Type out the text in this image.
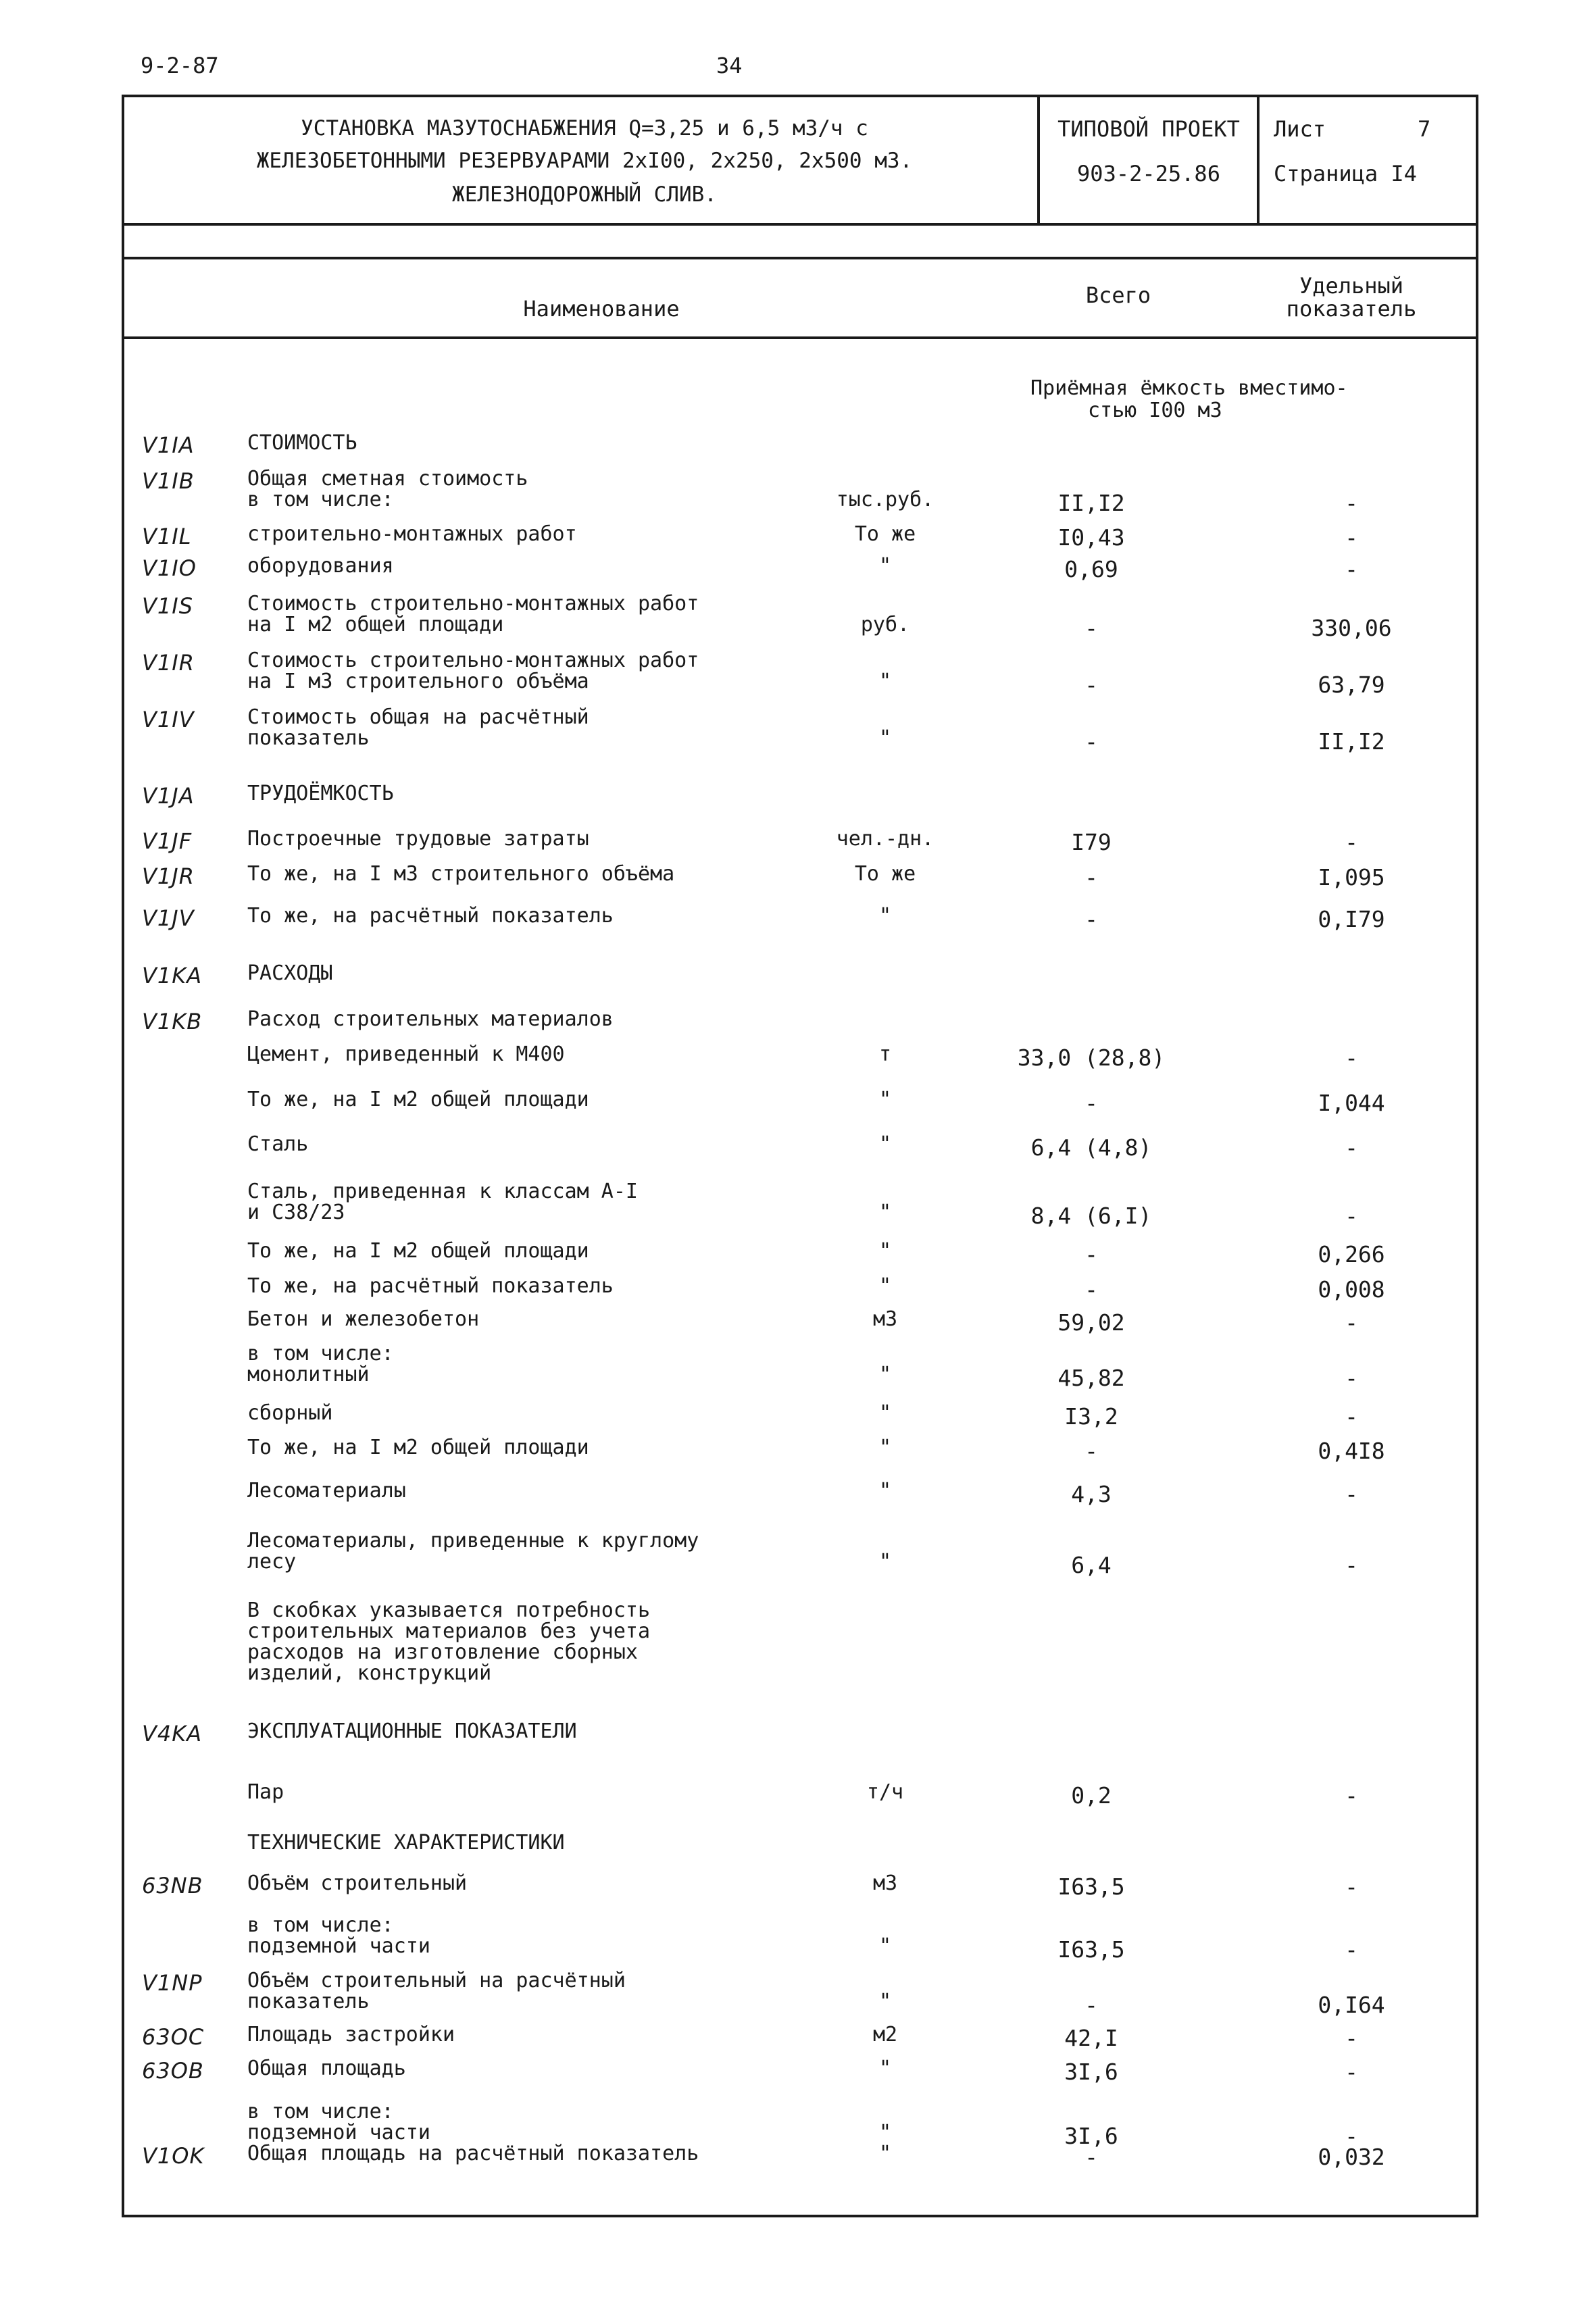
9-2-87	34
УСТАНОВКА МАЗУТОСНАБЖЕНИЯ Q=3,25 и 6,5 м3/ч с
ЖЕЛЕЗОБЕТОННЫМИ РЕЗЕРВУАРАМИ 2хI00, 2х250, 2х500 м3.
ЖЕЛЕЗНОДОРОЖНЫЙ СЛИВ.
ТИПОВОЙ ПРОЕКТ
903-2-25.86
Лист	7
Страница I4
Наименование
Всего	Удельный
показатель
Приёмная ёмкость вместимо-
стью I00 м3
V1IA	СТОИМОСТЬ
V1IB	Общая сметная стоимость
в том числе:	тыс.руб.	II,I2	-
V1IL	строительно-монтажных работ	То же	I0,43	-
V1IO	оборудования	"	0,69	-
V1IS	Стоимость строительно-монтажных работ
на I м2 общей площади	руб.	-	330,06
V1IR	Стоимость строительно-монтажных работ
на I м3 строительного объёма	"	-	63,79
V1IV	Стоимость общая на расчётный
показатель	"	-	II,I2
V1JA	ТРУДОЁМКОСТЬ
V1JF	Построечные трудовые затраты	чел.-дн.	I79	-
V1JR	То же, на I м3 строительного объёма	То же	-	I,095
V1JV	То же, на расчётный показатель	"	-	0,I79
V1KA РАСХОДЫ
V1KB Расход строительных материалов
Цемент, приведенный к М400	т	33,0 (28,8)	-
То же, на I м2 общей площади	"	-	I,044
Сталь	"	6,4 (4,8)	-
Сталь, приведенная к классам А-I
и С38/23	"	8,4 (6,I)	-
То же, на I м2 общей площади	"	-	0,266
То же, на расчётный показатель	"	-	0,008
Бетон и железобетон	м3	59,02	-
в том числе:
монолитный	"	45,82	-
сборный	"	I3,2	-
То же, на I м2 общей площади	"	-	0,4I8
Лесоматериалы	"	4,3	-
Лесоматериалы, приведенные к круглому
лесу	"	6,4	-
В скобках указывается потребность
строительных материалов без учета
расходов на изготовление сборных
изделий, конструкций
V4KA ЭКСПЛУАТАЦИОННЫЕ ПОКАЗАТЕЛИ
Пар	т/ч	0,2	-
ТЕХНИЧЕСКИЕ ХАРАКТЕРИСТИКИ
63NB Объём строительный	м3	I63,5	-
в том числе:
подземной части	"	I63,5	-
V1NP Объём строительный на расчётный
показатель	"	-	0,I64
63OC Площадь застройки	м2	42,I	-
63OB Общая площадь	"	3I,6	-
в том числе:
подземной части	"	3I,6	-
V1OK Общая площадь на расчётный показатель	"	-	0,032
